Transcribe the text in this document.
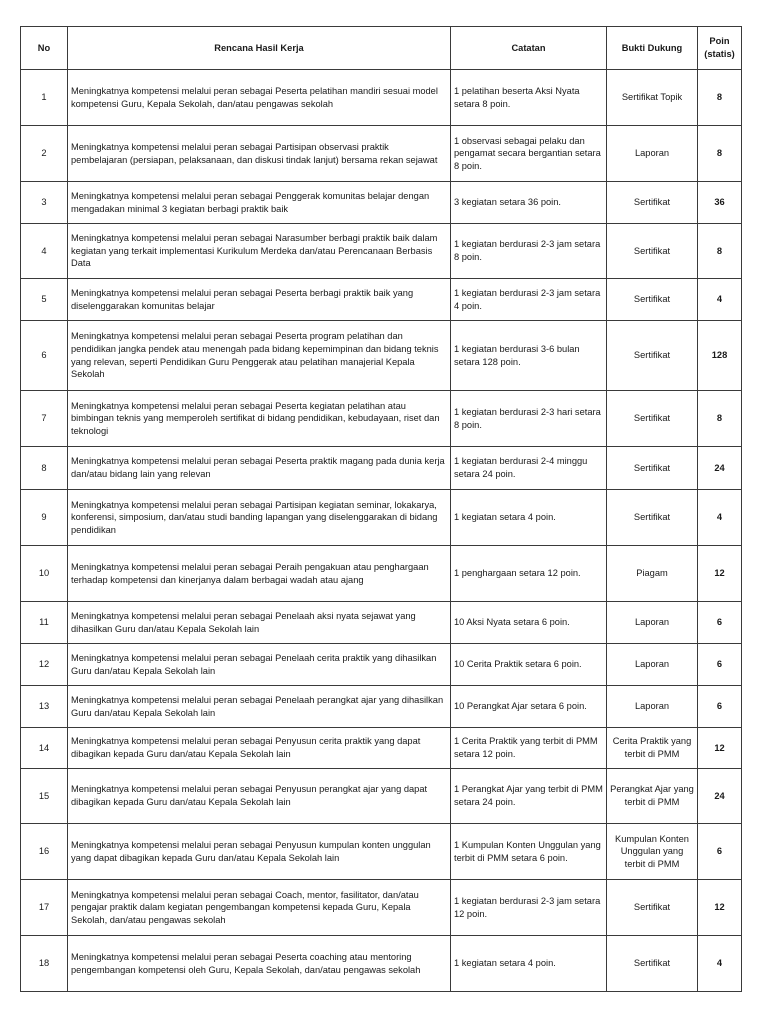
No	Rencana Hasil Kerja	Catatan	Bukti Dukung	Poin
(statis)
1	Meningkatnya kompetensi melalui peran sebagai Peserta pelatihan mandiri sesuai model kompetensi Guru, Kepala Sekolah, dan/atau pengawas sekolah	1 pelatihan beserta Aksi Nyata setara 8 poin.	Sertifikat Topik	8
2	Meningkatnya kompetensi melalui peran sebagai Partisipan observasi praktik pembelajaran (persiapan, pelaksanaan, dan diskusi tindak lanjut) bersama rekan sejawat	1 observasi sebagai pelaku dan pengamat secara bergantian setara 8 poin.	Laporan	8
3	Meningkatnya kompetensi melalui peran sebagai Penggerak komunitas belajar dengan mengadakan minimal 3 kegiatan berbagi praktik baik	3 kegiatan setara 36 poin.	Sertifikat	36
4	Meningkatnya kompetensi melalui peran sebagai Narasumber berbagi praktik baik dalam kegiatan yang terkait implementasi Kurikulum Merdeka dan/atau Perencanaan Berbasis Data	1 kegiatan berdurasi 2-3 jam setara 8 poin.	Sertifikat	8
5	Meningkatnya kompetensi melalui peran sebagai Peserta berbagi praktik baik yang diselenggarakan komunitas belajar	1 kegiatan berdurasi 2-3 jam setara 4 poin.	Sertifikat	4
6	Meningkatnya kompetensi melalui peran sebagai Peserta program pelatihan dan pendidikan jangka pendek atau menengah pada bidang kepemimpinan dan bidang teknis yang relevan, seperti Pendidikan Guru Penggerak atau pelatihan manajerial Kepala Sekolah	1 kegiatan berdurasi 3-6 bulan setara 128 poin.	Sertifikat	128
7	Meningkatnya kompetensi melalui peran sebagai Peserta kegiatan pelatihan atau bimbingan teknis yang memperoleh sertifikat di bidang pendidikan, kebudayaan, riset dan teknologi	1 kegiatan berdurasi 2-3 hari setara 8 poin.	Sertifikat	8
8	Meningkatnya kompetensi melalui peran sebagai Peserta praktik magang pada dunia kerja dan/atau bidang lain yang relevan	1 kegiatan berdurasi 2-4 minggu setara 24 poin.	Sertifikat	24
9	Meningkatnya kompetensi melalui peran sebagai Partisipan kegiatan seminar, lokakarya, konferensi, simposium, dan/atau studi banding lapangan yang diselenggarakan di bidang pendidikan	1 kegiatan setara 4 poin.	Sertifikat	4
10	Meningkatnya kompetensi melalui peran sebagai Peraih pengakuan atau penghargaan terhadap kompetensi dan kinerjanya dalam berbagai wadah atau ajang	1 penghargaan setara 12 poin.	Piagam	12
11	Meningkatnya kompetensi melalui peran sebagai Penelaah aksi nyata sejawat yang dihasilkan Guru dan/atau Kepala Sekolah lain	10 Aksi Nyata setara 6 poin.	Laporan	6
12	Meningkatnya kompetensi melalui peran sebagai Penelaah cerita praktik yang dihasilkan Guru dan/atau Kepala Sekolah lain	10 Cerita Praktik setara 6 poin.	Laporan	6
13	Meningkatnya kompetensi melalui peran sebagai Penelaah perangkat ajar yang dihasilkan Guru dan/atau Kepala Sekolah lain	10 Perangkat Ajar setara 6 poin.	Laporan	6
14	Meningkatnya kompetensi melalui peran sebagai Penyusun cerita praktik yang dapat dibagikan kepada Guru dan/atau Kepala Sekolah lain	1 Cerita Praktik yang terbit di PMM setara 12 poin.	Cerita Praktik yang terbit di PMM	12
15	Meningkatnya kompetensi melalui peran sebagai Penyusun perangkat ajar yang dapat dibagikan kepada Guru dan/atau Kepala Sekolah lain	1 Perangkat Ajar yang terbit di PMM setara 24 poin.	Perangkat Ajar yang terbit di PMM	24
16	Meningkatnya kompetensi melalui peran sebagai Penyusun kumpulan konten unggulan yang dapat dibagikan kepada Guru dan/atau Kepala Sekolah lain	1 Kumpulan Konten Unggulan yang terbit di PMM setara 6 poin.	Kumpulan Konten Unggulan yang terbit di PMM	6
17	Meningkatnya kompetensi melalui peran sebagai Coach, mentor, fasilitator, dan/atau pengajar praktik dalam kegiatan pengembangan kompetensi kepada Guru, Kepala Sekolah, dan/atau pengawas sekolah	1 kegiatan berdurasi 2-3 jam setara 12 poin.	Sertifikat	12
18	Meningkatnya kompetensi melalui peran sebagai Peserta coaching atau mentoring pengembangan kompetensi oleh Guru, Kepala Sekolah, dan/atau pengawas sekolah	1 kegiatan setara 4 poin.	Sertifikat	4
